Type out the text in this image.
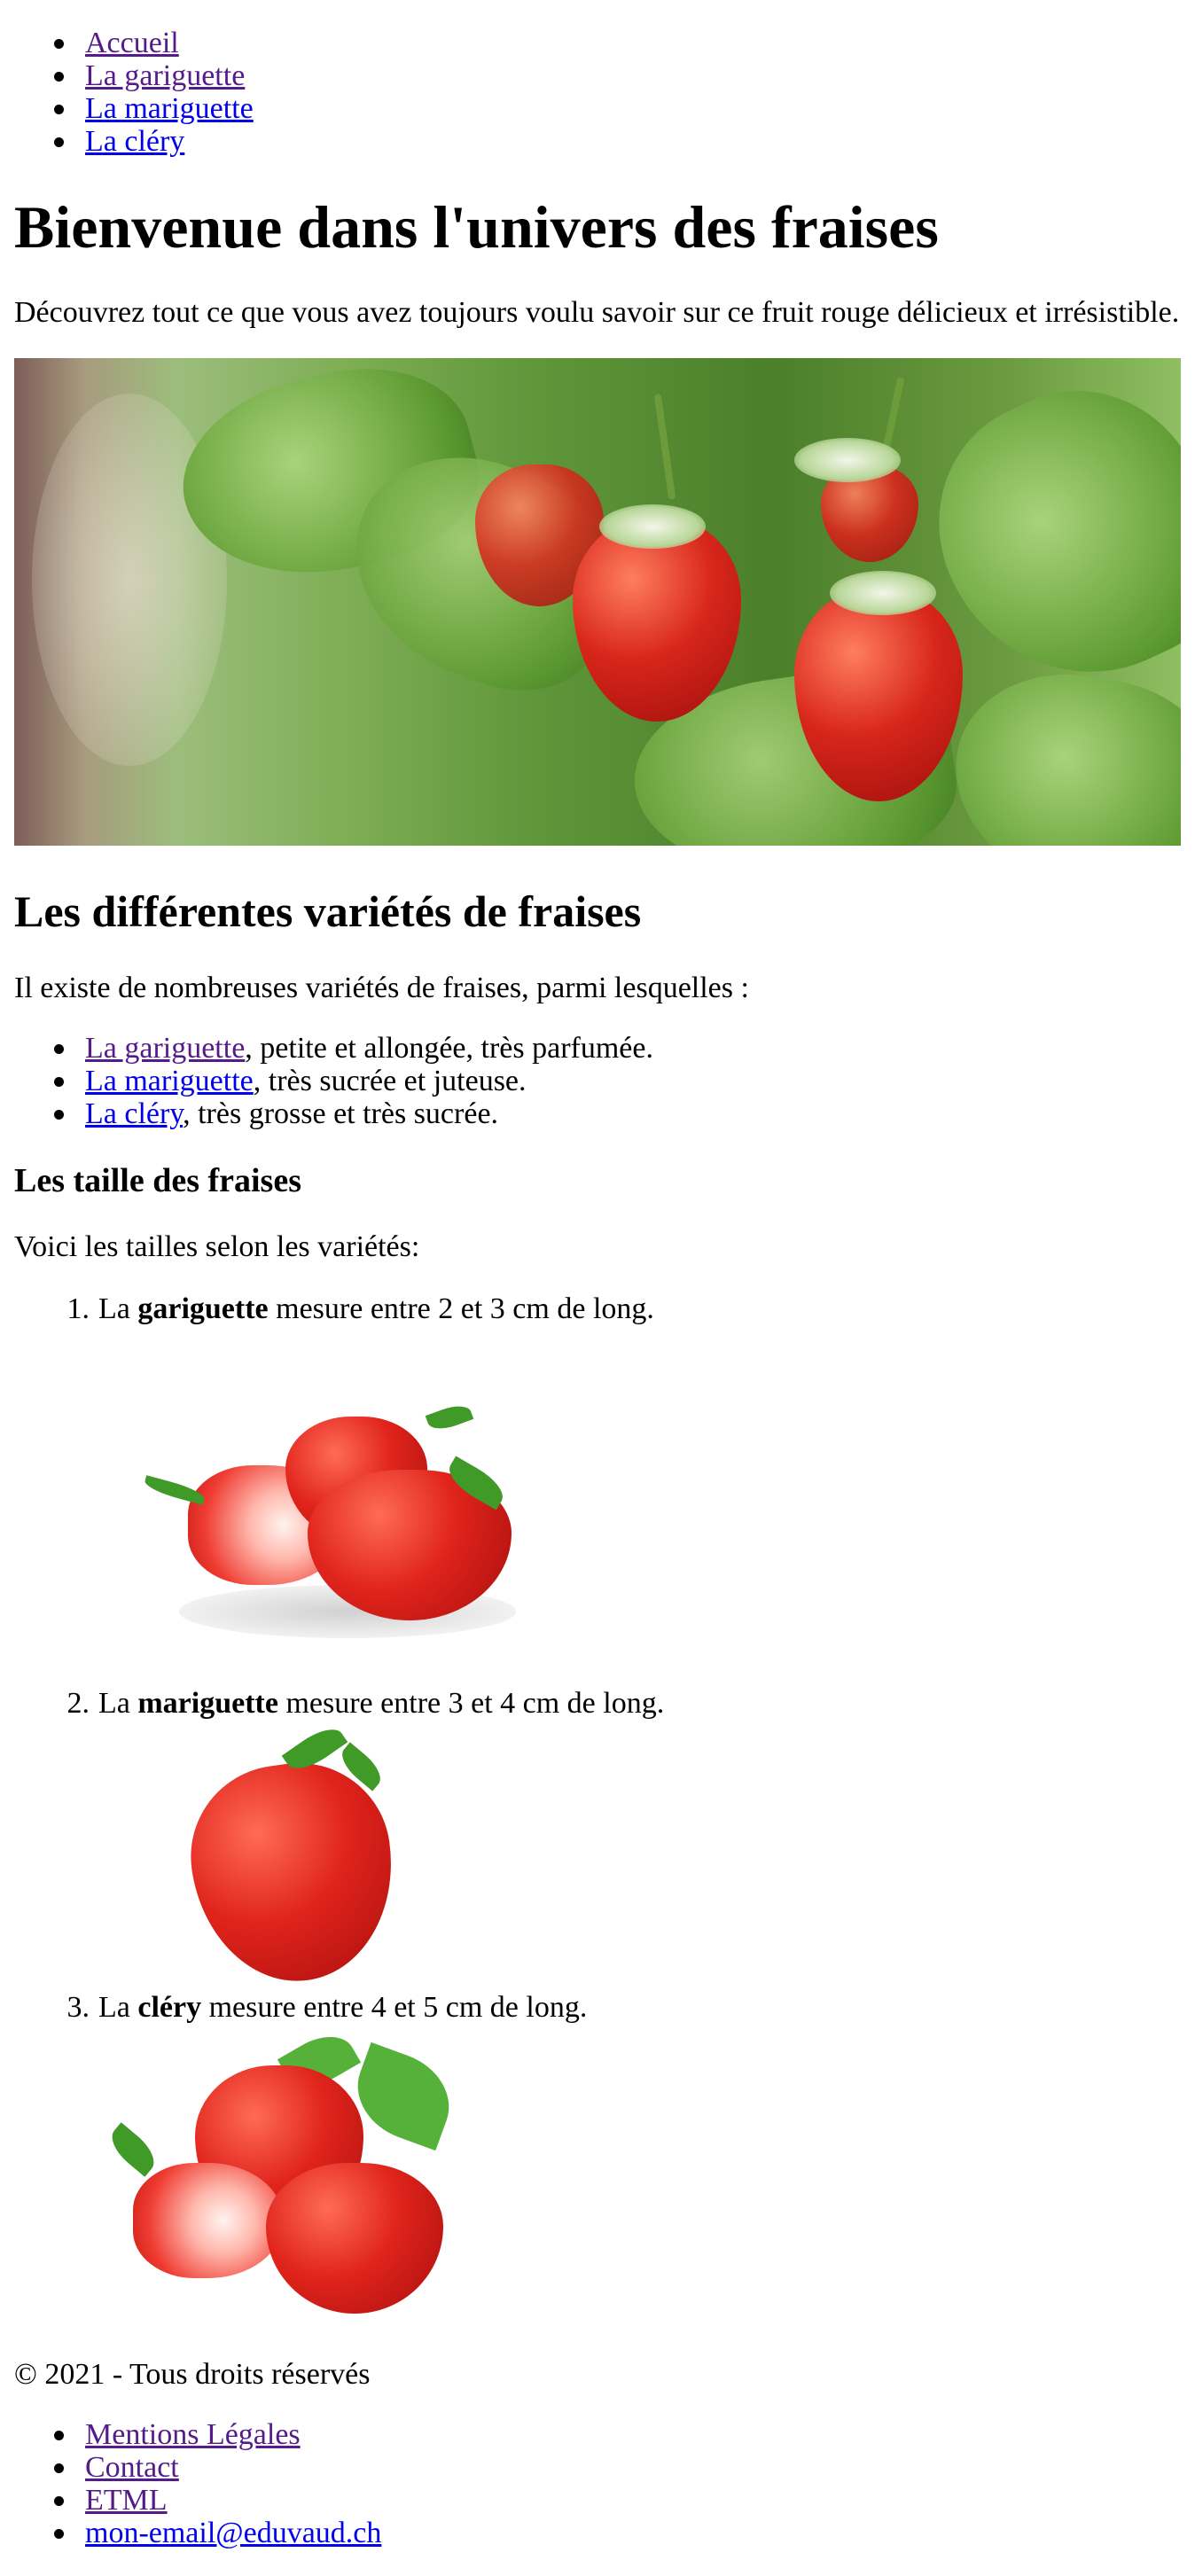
Accueil
La gariguette
La mariguette
La cléry
Bienvenue dans l'univers des fraises

Découvrez tout ce que vous avez toujours voulu savoir sur ce fruit rouge délicieux et irrésistible.

Les différentes variétés de fraises

Il existe de nombreuses variétés de fraises, parmi lesquelles :

La gariguette, petite et allongée, très parfumée.
La mariguette, très sucrée et juteuse.
La cléry, très grosse et très sucrée.
Les taille des fraises

Voici les tailles selon les variétés:

1. La gariguette mesure entre 2 et 3 cm de long.
2. La mariguette mesure entre 3 et 4 cm de long.
3. La cléry mesure entre 4 et 5 cm de long.

© 2021 - Tous droits réservés

Mentions Légales
Contact
ETML
mon-email@eduvaud.ch
